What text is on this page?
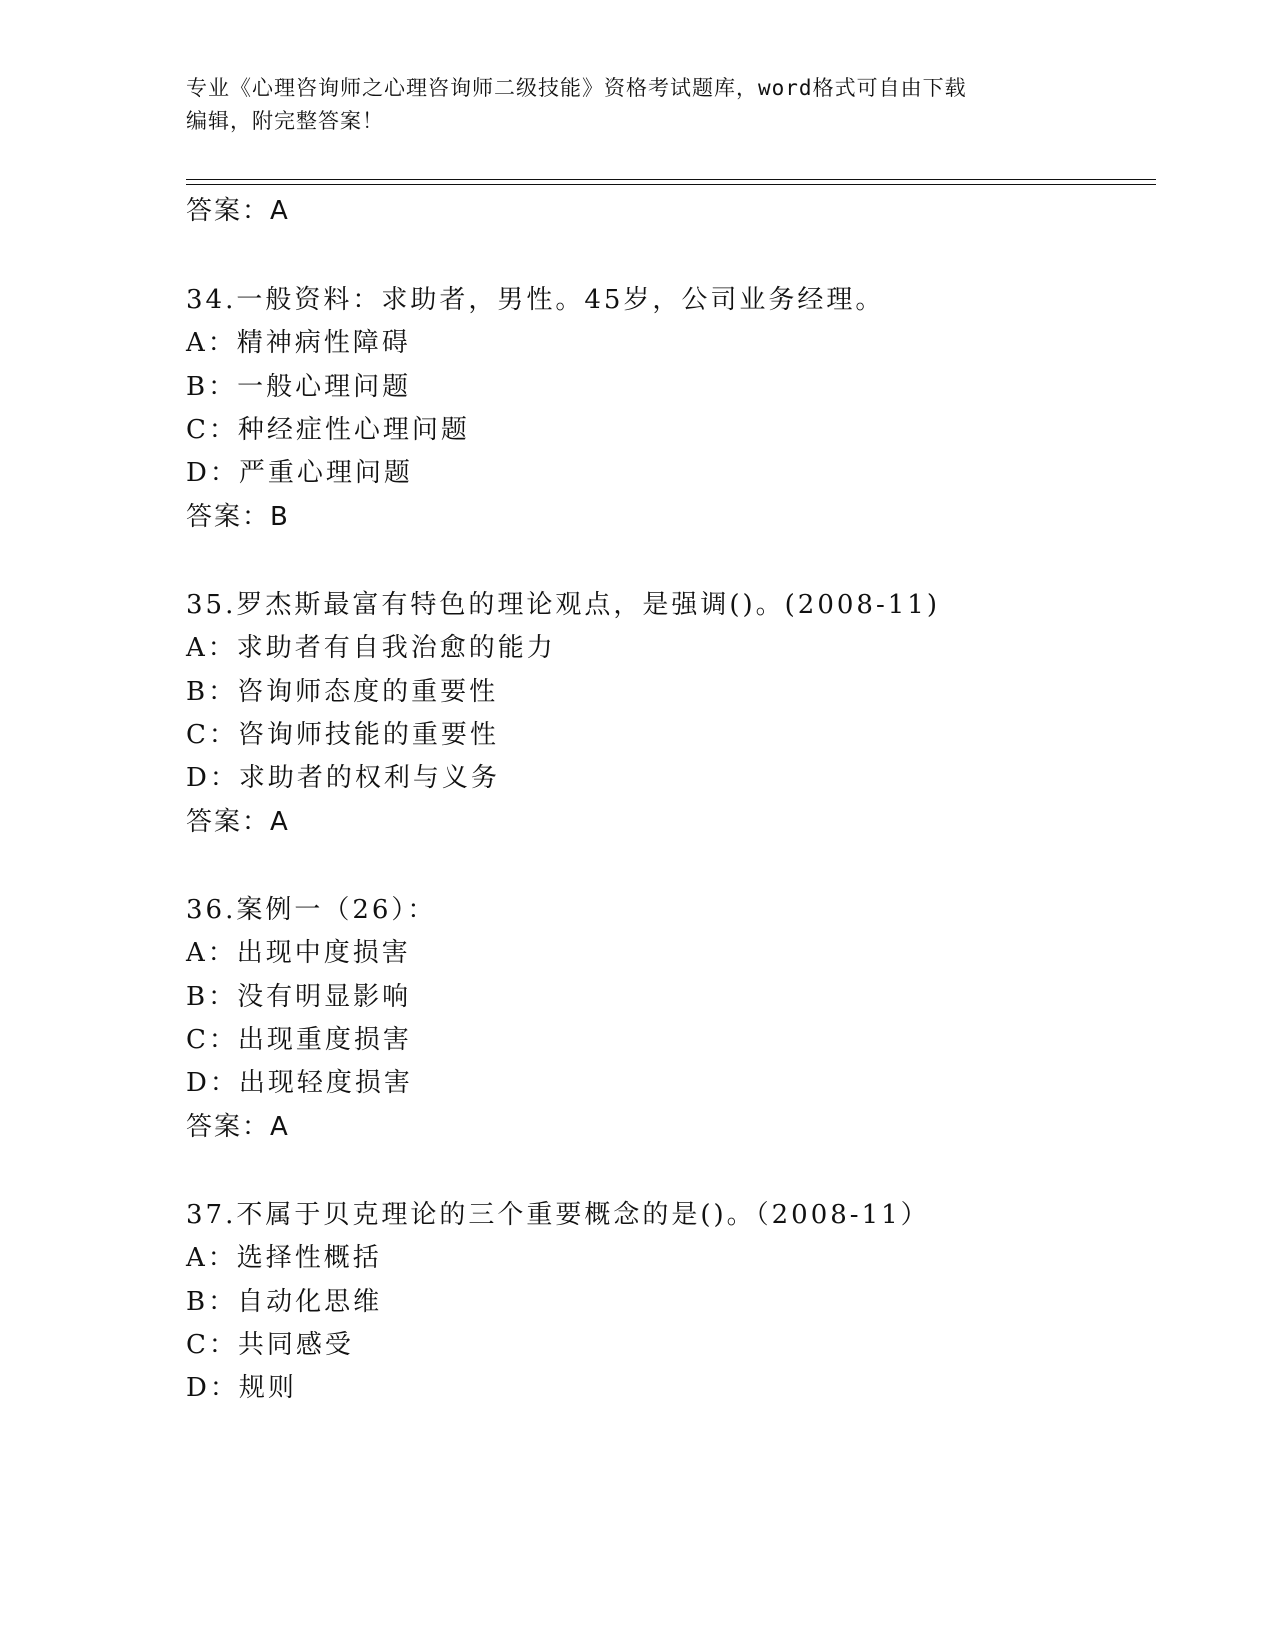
专业《心理咨询师之心理咨询师二级技能》资格考试题库，word格式可自由下载
编辑，附完整答案！
答案：A
34.一般资料：求助者，男性。45岁，公司业务经理。
A：精神病性障碍
B：一般心理问题
C：种经症性心理问题
D：严重心理问题
答案：B
35.罗杰斯最富有特色的理论观点，是强调()。(2008-11)
A：求助者有自我治愈的能力
B：咨询师态度的重要性
C：咨询师技能的重要性
D：求助者的权利与义务
答案：A
36.案例一（26）：
A：出现中度损害
B：没有明显影响
C：出现重度损害
D：出现轻度损害
答案：A
37.不属于贝克理论的三个重要概念的是()。（2008-11）
A：选择性概括
B：自动化思维
C：共同感受
D：规则
